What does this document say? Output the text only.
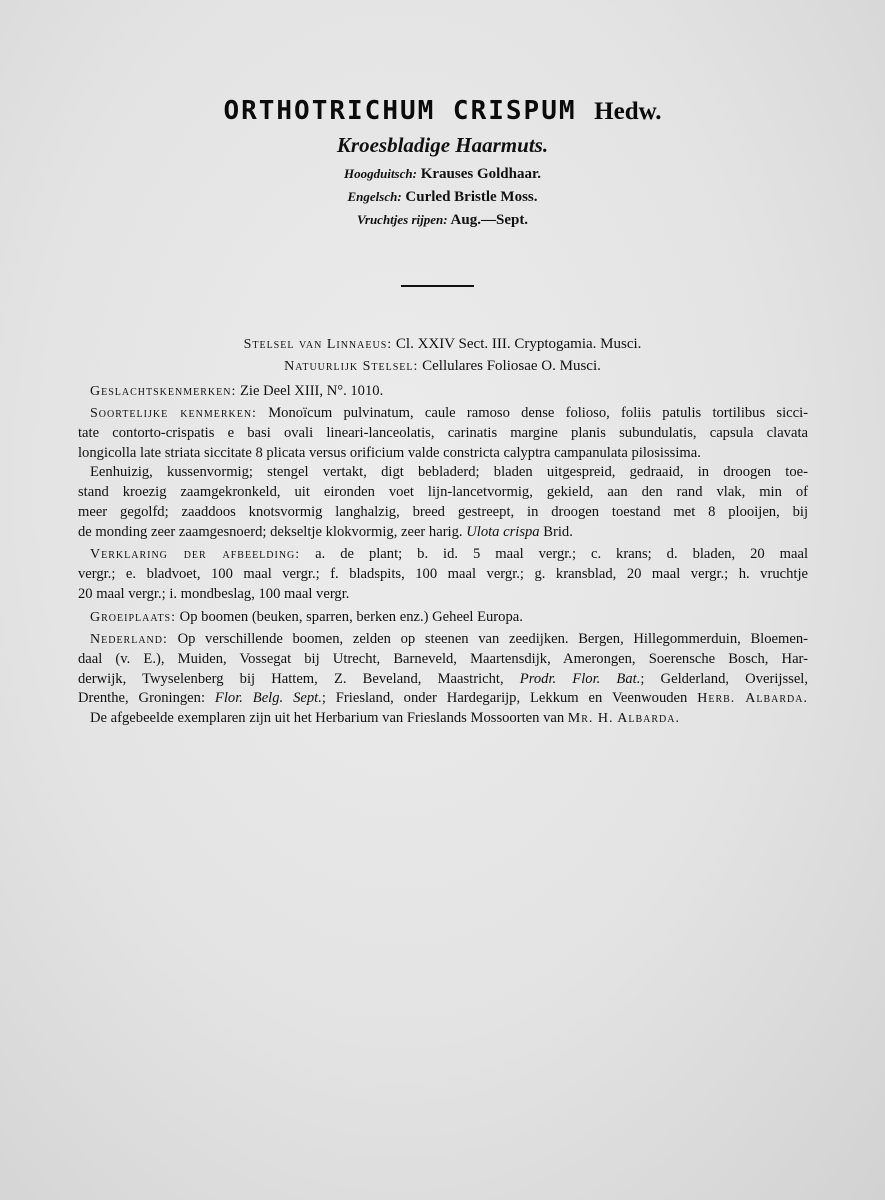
ORTHOTRICHUM CRISPUM Hedw.
Kroesbladige Haarmuts.
Hoogduitsch: Krauses Goldhaar.
Engelsch: Curled Bristle Moss.
Vruchtjes rijpen: Aug.—Sept.
Stelsel van Linnaeus: Cl. XXIV Sect. III. Cryptogamia. Musci.
Natuurlijk Stelsel: Cellulares Foliosae O. Musci.
Geslachtskenmerken: Zie Deel XIII, N°. 1010.
Soortelijke kenmerken: Monoïcum pulvinatum, caule ramoso dense folioso, foliis patulis tortilibus sicci-
tate contorto-crispatis e basi ovali lineari-lanceolatis, carinatis margine planis subundulatis, capsula clavata
longicolla late striata siccitate 8 plicata versus orificium valde constricta calyptra campanulata pilosissima.
Eenhuizig, kussenvormig; stengel vertakt, digt bebladerd; bladen uitgespreid, gedraaid, in droogen toe-
stand kroezig zaamgekronkeld, uit eironden voet lijn-lancetvormig, gekield, aan den rand vlak, min of
meer gegolfd; zaaddoos knotsvormig langhalzig, breed gestreept, in droogen toestand met 8 plooijen, bij
de monding zeer zaamgesnoerd; dekseltje klokvormig, zeer harig. Ulota crispa Brid.
Verklaring der afbeelding: a. de plant; b. id. 5 maal vergr.; c. krans; d. bladen, 20 maal
vergr.; e. bladvoet, 100 maal vergr.; f. bladspits, 100 maal vergr.; g. kransblad, 20 maal vergr.; h. vruchtje
20 maal vergr.; i. mondbeslag, 100 maal vergr.
Groeiplaats: Op boomen (beuken, sparren, berken enz.) Geheel Europa.
Nederland: Op verschillende boomen, zelden op steenen van zeedijken. Bergen, Hillegommerduin, Bloemen-
daal (v. E.), Muiden, Vossegat bij Utrecht, Barneveld, Maartensdijk, Amerongen, Soerensche Bosch, Har-
derwijk, Twyselenberg bij Hattem, Z. Beveland, Maastricht, Prodr. Flor. Bat.; Gelderland, Overijssel,
Drenthe, Groningen: Flor. Belg. Sept.; Friesland, onder Hardegarijp, Lekkum en Veenwouden Herb. Albarda.
De afgebeelde exemplaren zijn uit het Herbarium van Frieslands Mossoorten van Mr. H. Albarda.
